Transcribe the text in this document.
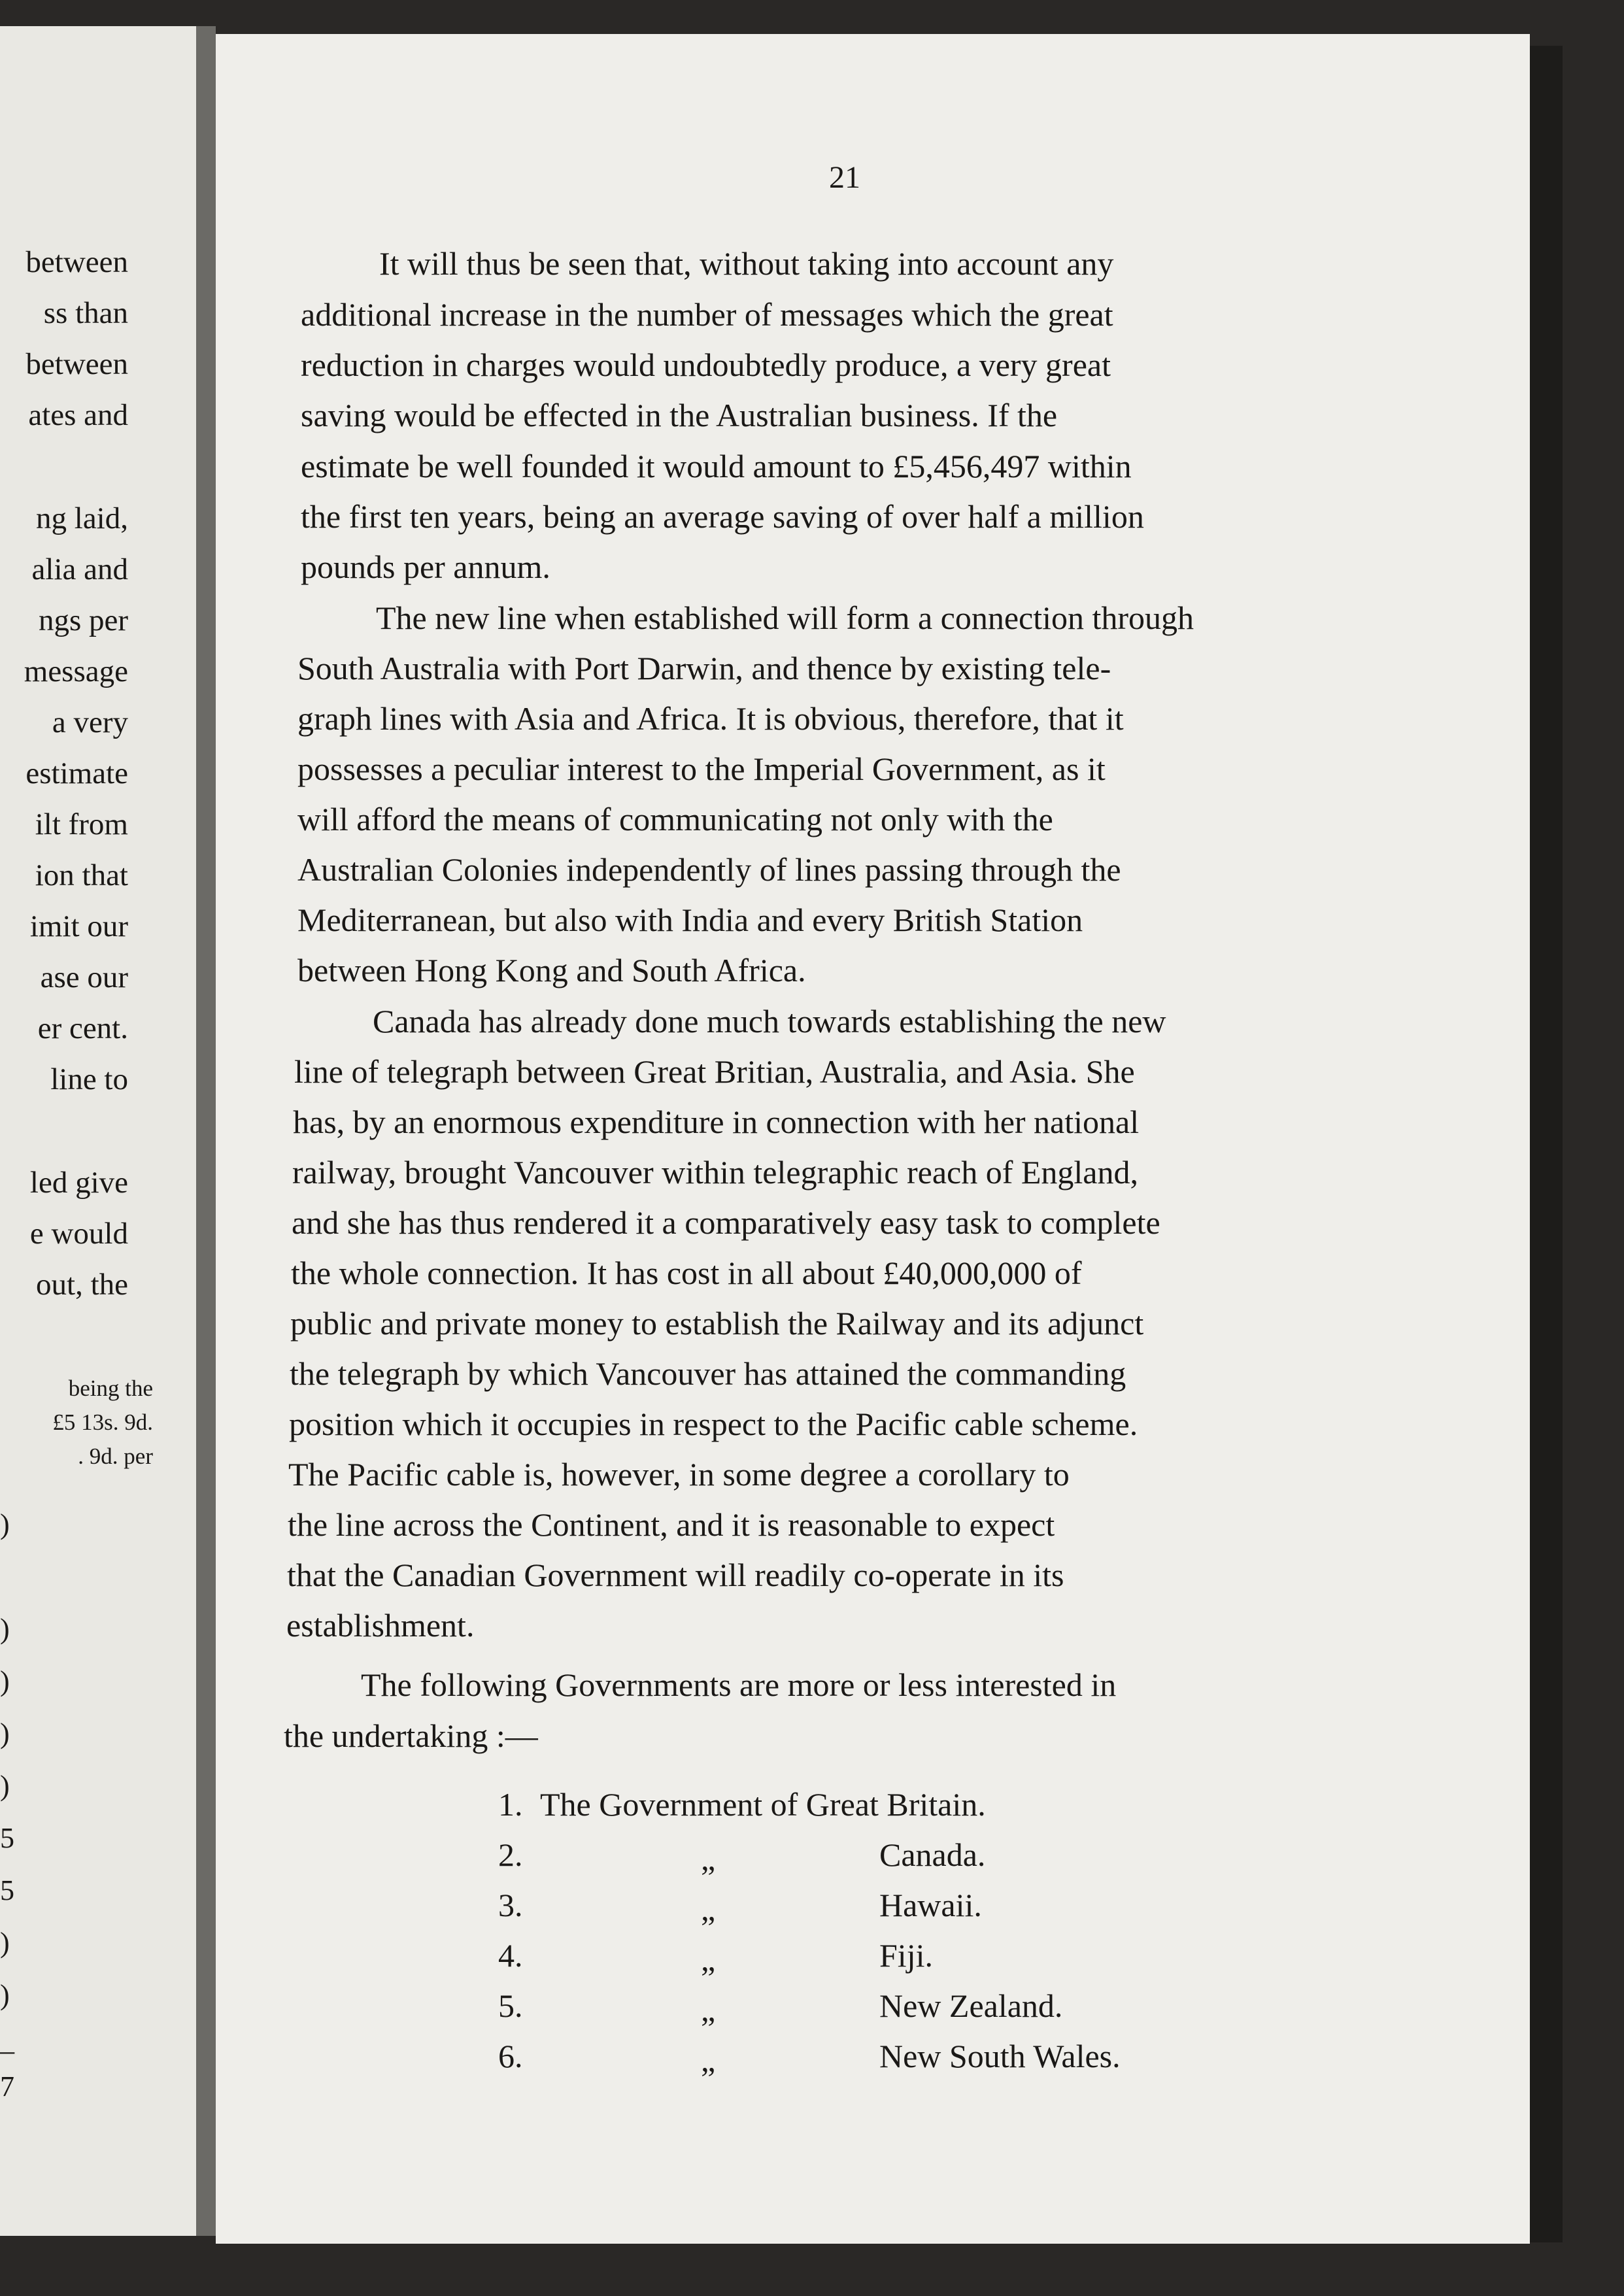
between
ss than
between
ates and
ng laid,
alia and
ngs per
message
a very
estimate
ilt from
ion that
imit our
ase our
er cent.
line to
led give
e would
out, the
being the
£5 13s. 9d.
. 9d. per
)
)
)
)
)
5
5
)
)
_
7
21
It will thus be seen that, without taking into account any
additional increase in the number of messages which the great
reduction in charges would undoubtedly produce, a very great
saving would be effected in the Australian business. If the
estimate be well founded it would amount to £5,456,497 within
the first ten years, being an average saving of over half a million
pounds per annum.
The new line when established will form a connection through
South Australia with Port Darwin, and thence by existing tele-
graph lines with Asia and Africa. It is obvious, therefore, that it
possesses a peculiar interest to the Imperial Government, as it
will afford the means of communicating not only with the
Australian Colonies independently of lines passing through the
Mediterranean, but also with India and every British Station
between Hong Kong and South Africa.
Canada has already done much towards establishing the new
line of telegraph between Great Britian, Australia, and Asia. She
has, by an enormous expenditure in connection with her national
railway, brought Vancouver within telegraphic reach of England,
and she has thus rendered it a comparatively easy task to complete
the whole connection. It has cost in all about £40,000,000 of
public and private money to establish the Railway and its adjunct
the telegraph by which Vancouver has attained the commanding
position which it occupies in respect to the Pacific cable scheme.
The Pacific cable is, however, in some degree a corollary to
the line across the Continent, and it is reasonable to expect
that the Canadian Government will readily co-operate in its
establishment.
The following Governments are more or less interested in
the undertaking :—
1. The Government of Great Britain.
2.	„	Canada.
3.	„	Hawaii.
4.	„	Fiji.
5.	„	New Zealand.
6.	„	New South Wales.
